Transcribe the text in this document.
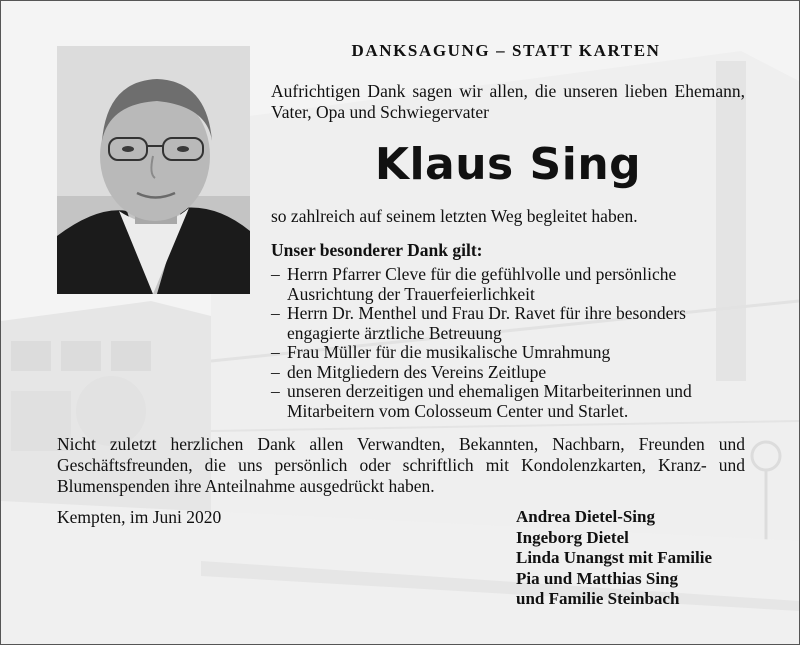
DANKSAGUNG – STATT KARTEN
Aufrichtigen Dank sagen wir allen, die unseren lieben Ehemann, Vater, Opa und Schwiegervater
Klaus Sing
so zahlreich auf seinem letzten Weg begleitet haben.
Unser besonderer Dank gilt:
– Herrn Pfarrer Cleve für die gefühlvolle und persönliche Ausrichtung der Trauerfeierlichkeit
– Herrn Dr. Menthel und Frau Dr. Ravet für ihre besonders engagierte ärztliche Betreuung
– Frau Müller für die musikalische Umrahmung
– den Mitgliedern des Vereins Zeitlupe
– unseren derzeitigen und ehemaligen Mitarbeiterinnen und Mitarbeitern vom Colosseum Center und Starlet.
Nicht zuletzt herzlichen Dank allen Verwandten, Bekannten, Nachbarn, Freunden und Geschäftsfreunden, die uns persönlich oder schriftlich mit Kondolenzkarten, Kranz- und Blumenspenden ihre Anteilnahme ausgedrückt haben.
Kempten, im Juni 2020	Andrea Dietel-Sing
Ingeborg Dietel
Linda Unangst mit Familie
Pia und Matthias Sing
und Familie Steinbach
